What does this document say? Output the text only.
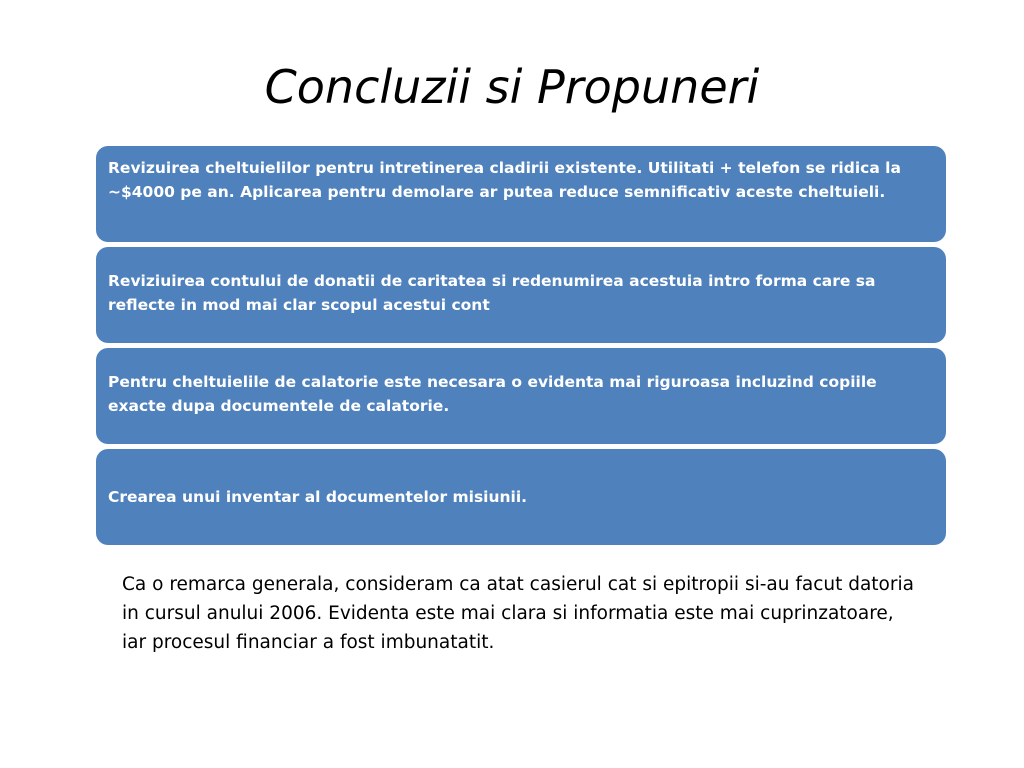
Concluzii si Propuneri
Revizuirea cheltuielilor pentru intretinerea cladirii existente. Utilitati + telefon se ridica la ~$4000 pe an. Aplicarea pentru demolare ar putea reduce semnificativ aceste cheltuieli.
Reviziuirea contului de donatii de caritatea si redenumirea acestuia intro forma care sa reflecte in mod mai clar scopul acestui cont
Pentru cheltuielile de calatorie este necesara o evidenta mai riguroasa incluzind copiile exacte dupa documentele de calatorie.
Crearea unui inventar al documentelor misiunii.
Ca o remarca generala, consideram ca atat casierul cat si epitropii si-au facut datoria in cursul anului 2006. Evidenta este mai clara si informatia este mai cuprinzatoare, iar procesul financiar a fost imbunatatit.
